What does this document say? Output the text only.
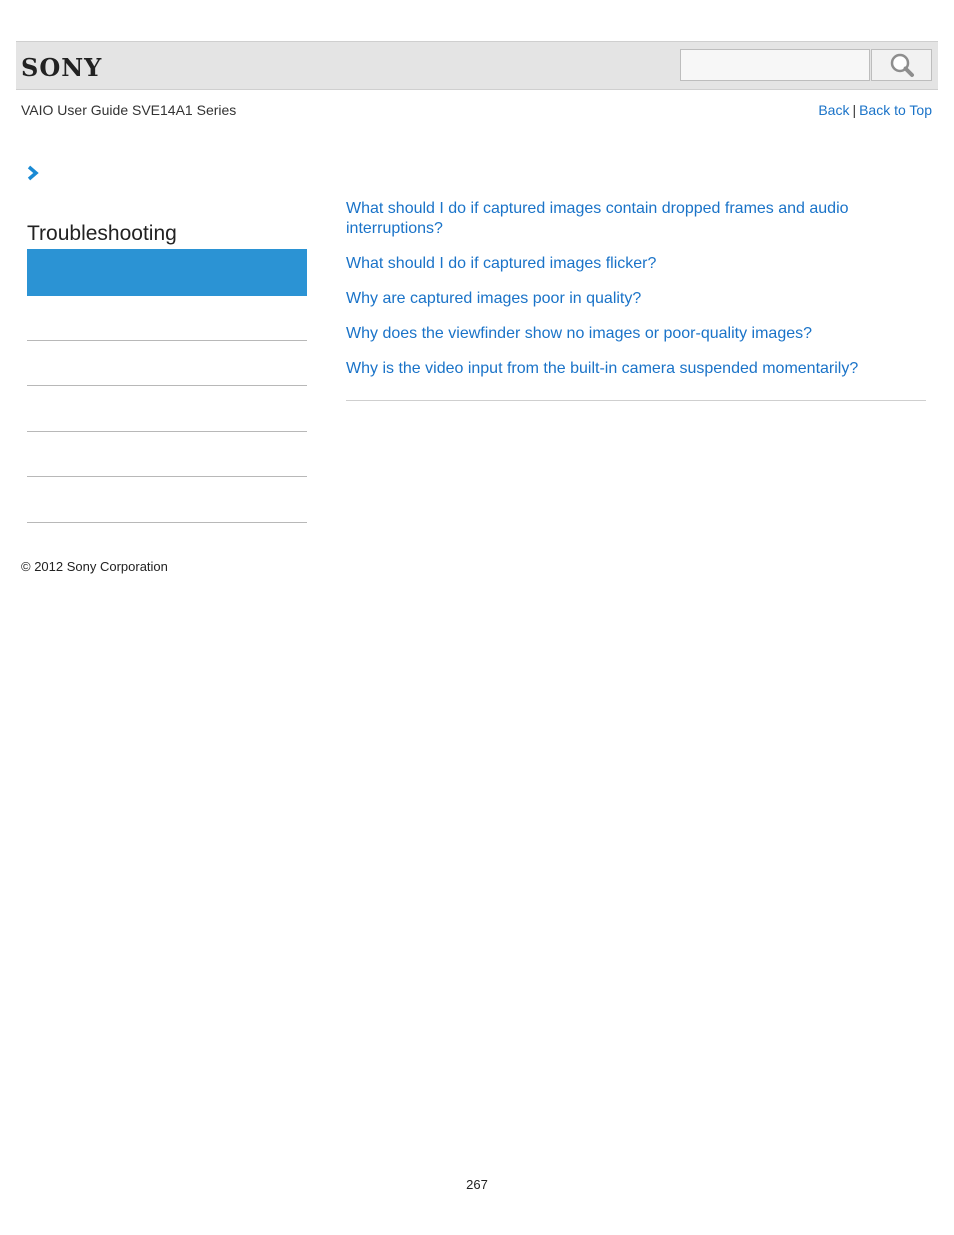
SONY
VAIO User Guide SVE14A1 Series	Back | Back to Top
Troubleshooting
What should I do if captured images contain dropped frames and audio interruptions?
What should I do if captured images flicker?
Why are captured images poor in quality?
Why does the viewfinder show no images or poor-quality images?
Why is the video input from the built-in camera suspended momentarily?
© 2012 Sony Corporation
267
